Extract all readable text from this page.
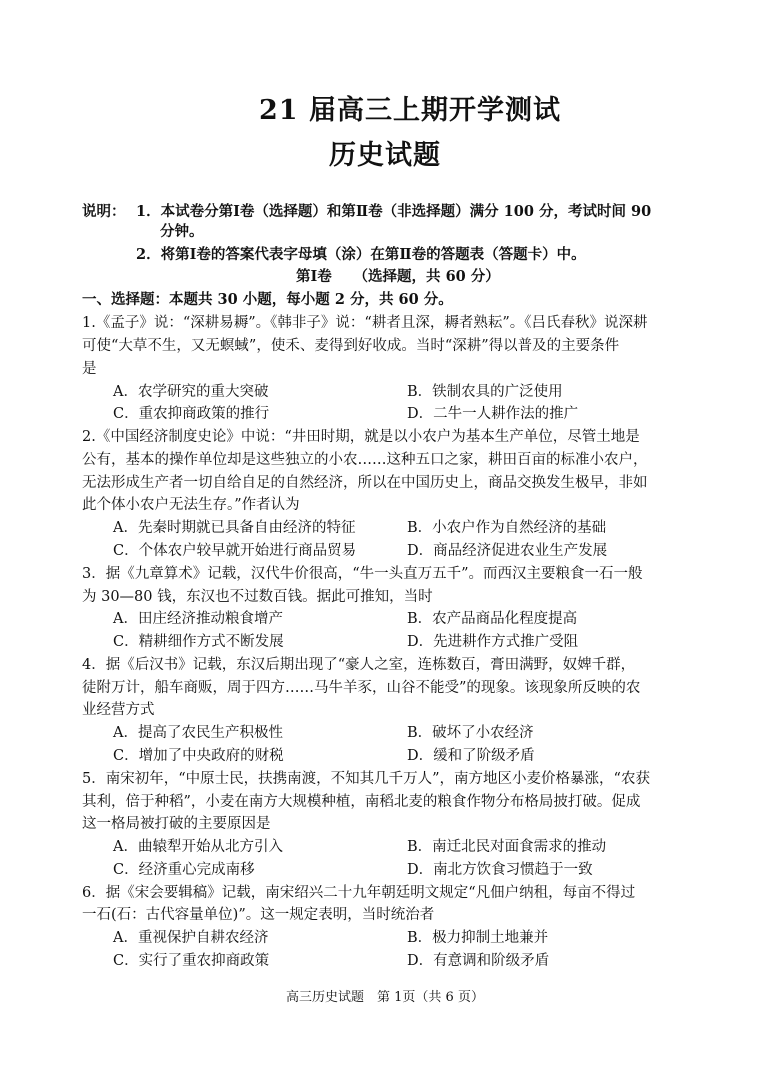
21 届高三上期开学测试
历史试题
说明： 1．本试卷分第Ⅰ卷（选择题）和第Ⅱ卷（非选择题）满分 100 分，考试时间 90
分钟。
2．将第Ⅰ卷的答案代表字母填（涂）在第Ⅱ卷的答题表（答题卡）中。
第Ⅰ卷　　（选择题，共 60 分）
一、选择题：本题共 30 小题，每小题 2 分，共 60 分。
1.《孟子》说：“深耕易耨”。《韩非子》说：“耕者且深，耨者熟耘”。《吕氏春秋》说深耕
可使“大草不生，又无螟蜮”，使禾、麦得到好收成。当时“深耕”得以普及的主要条件
是
A．农学研究的重大突破	B．铁制农具的广泛使用
C．重农抑商政策的推行	D．二牛一人耕作法的推广
2.《中国经济制度史论》中说：“井田时期，就是以小农户为基本生产单位，尽管土地是
公有，基本的操作单位却是这些独立的小农……这种五口之家，耕田百亩的标准小农户，
无法形成生产者一切自给自足的自然经济，所以在中国历史上，商品交换发生极早，非如
此个体小农户无法生存。”作者认为
A．先秦时期就已具备自由经济的特征	B．小农户作为自然经济的基础
C．个体农户较早就开始进行商品贸易	D．商品经济促进农业生产发展
3．据《九章算术》记载，汉代牛价很高，“牛一头直万五千”。而西汉主要粮食一石一般
为 30—80 钱，东汉也不过数百钱。据此可推知，当时
A．田庄经济推动粮食增产	B．农产品商品化程度提高
C．精耕细作方式不断发展	D．先进耕作方式推广受阻
4．据《后汉书》记载，东汉后期出现了“豪人之室，连栋数百，膏田满野，奴婢千群，
徒附万计，船车商贩，周于四方……马牛羊豕，山谷不能受”的现象。该现象所反映的农
业经营方式
A．提高了农民生产积极性	B．破坏了小农经济
C．增加了中央政府的财税	D．缓和了阶级矛盾
5．南宋初年，“中原士民，扶携南渡，不知其几千万人”，南方地区小麦价格暴涨，“农获
其利，倍于种稻”，小麦在南方大规模种植，南稻北麦的粮食作物分布格局披打破。促成
这一格局被打破的主要原因是
A．曲辕犁开始从北方引入	B．南迁北民对面食需求的推动
C．经济重心完成南移	D．南北方饮食习惯趋于一致
6．据《宋会要辑稿》记载，南宋绍兴二十九年朝廷明文规定“凡佃户纳租，每亩不得过
一石(石：古代容量单位)”。这一规定表明，当时统治者
A．重视保护自耕农经济	B．极力抑制土地兼并
C．实行了重农抑商政策	D．有意调和阶级矛盾
高三历史试题　第 1页（共 6 页）
